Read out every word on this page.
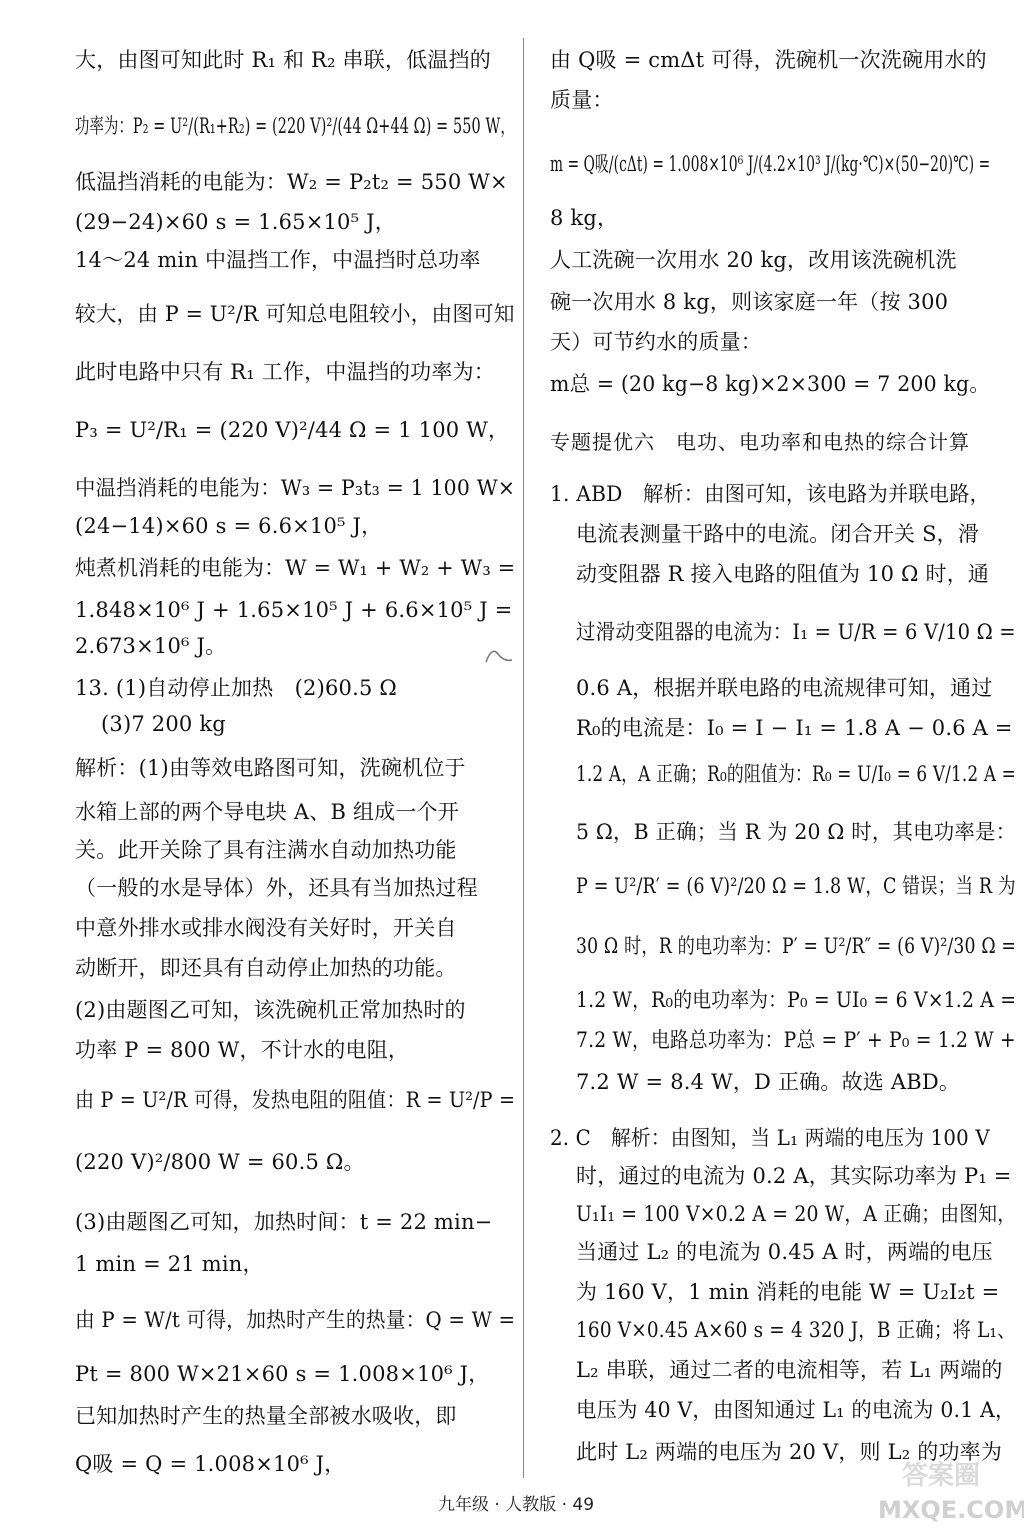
大，由图可知此时 R₁ 和 R₂ 串联，低温挡的
功率为：P₂ = U²/(R₁+R₂) = (220 V)²/(44 Ω+44 Ω) = 550 W，
低温挡消耗的电能为：W₂ = P₂t₂ = 550 W×
(29−24)×60 s = 1.65×10⁵ J，
14～24 min 中温挡工作，中温挡时总功率
较大，由 P = U²/R 可知总电阻较小，由图可知
此时电路中只有 R₁ 工作，中温挡的功率为：
P₃ = U²/R₁ = (220 V)²/44 Ω = 1 100 W，
中温挡消耗的电能为：W₃ = P₃t₃ = 1 100 W×
(24−14)×60 s = 6.6×10⁵ J，
炖煮机消耗的电能为：W = W₁ + W₂ + W₃ =
1.848×10⁶ J + 1.65×10⁵ J + 6.6×10⁵ J =
2.673×10⁶ J。
13. (1)自动停止加热　(2)60.5 Ω
(3)7 200 kg
解析：(1)由等效电路图可知，洗碗机位于
水箱上部的两个导电块 A、B 组成一个开
关。此开关除了具有注满水自动加热功能
（一般的水是导体）外，还具有当加热过程
中意外排水或排水阀没有关好时，开关自
动断开，即还具有自动停止加热的功能。
(2)由题图乙可知，该洗碗机正常加热时的
功率 P = 800 W，不计水的电阻，
由 P = U²/R 可得，发热电阻的阻值：R = U²/P =
(220 V)²/800 W = 60.5 Ω。
(3)由题图乙可知，加热时间：t = 22 min−
1 min = 21 min，
由 P = W/t 可得，加热时产生的热量：Q = W =
Pt = 800 W×21×60 s = 1.008×10⁶ J，
已知加热时产生的热量全部被水吸收，即
Q吸 = Q = 1.008×10⁶ J，
由 Q吸 = cmΔt 可得，洗碗机一次洗碗用水的
质量：
m = Q吸/(cΔt) = 1.008×10⁶ J/(4.2×10³ J/(kg·℃)×(50−20)℃) =
8 kg，
人工洗碗一次用水 20 kg，改用该洗碗机洗
碗一次用水 8 kg，则该家庭一年（按 300
天）可节约水的质量：
m总 = (20 kg−8 kg)×2×300 = 7 200 kg。
专题提优六　电功、电功率和电热的综合计算
1. ABD　解析：由图可知，该电路为并联电路，
电流表测量干路中的电流。闭合开关 S，滑
动变阻器 R 接入电路的阻值为 10 Ω 时，通
过滑动变阻器的电流为：I₁ = U/R = 6 V/10 Ω =
0.6 A，根据并联电路的电流规律可知，通过
R₀的电流是：I₀ = I − I₁ = 1.8 A − 0.6 A =
1.2 A，A 正确；R₀的阻值为：R₀ = U/I₀ = 6 V/1.2 A =
5 Ω，B 正确；当 R 为 20 Ω 时，其电功率是：
P = U²/R′ = (6 V)²/20 Ω = 1.8 W，C 错误；当 R 为
30 Ω 时，R 的电功率为：P′ = U²/R″ = (6 V)²/30 Ω =
1.2 W，R₀的电功率为：P₀ = UI₀ = 6 V×1.2 A =
7.2 W，电路总功率为：P总 = P′ + P₀ = 1.2 W +
7.2 W = 8.4 W，D 正确。故选 ABD。
2. C　解析：由图知，当 L₁ 两端的电压为 100 V
时，通过的电流为 0.2 A，其实际功率为 P₁ =
U₁I₁ = 100 V×0.2 A = 20 W，A 正确；由图知，
当通过 L₂ 的电流为 0.45 A 时，两端的电压
为 160 V，1 min 消耗的电能 W = U₂I₂t =
160 V×0.45 A×60 s = 4 320 J，B 正确；将 L₁、
L₂ 串联，通过二者的电流相等，若 L₁ 两端的
电压为 40 V，由图知通过 L₁ 的电流为 0.1 A，
此时 L₂ 两端的电压为 20 V，则 L₂ 的功率为
九年级 · 人教版 · 49
答案圈
MXQE.COM
